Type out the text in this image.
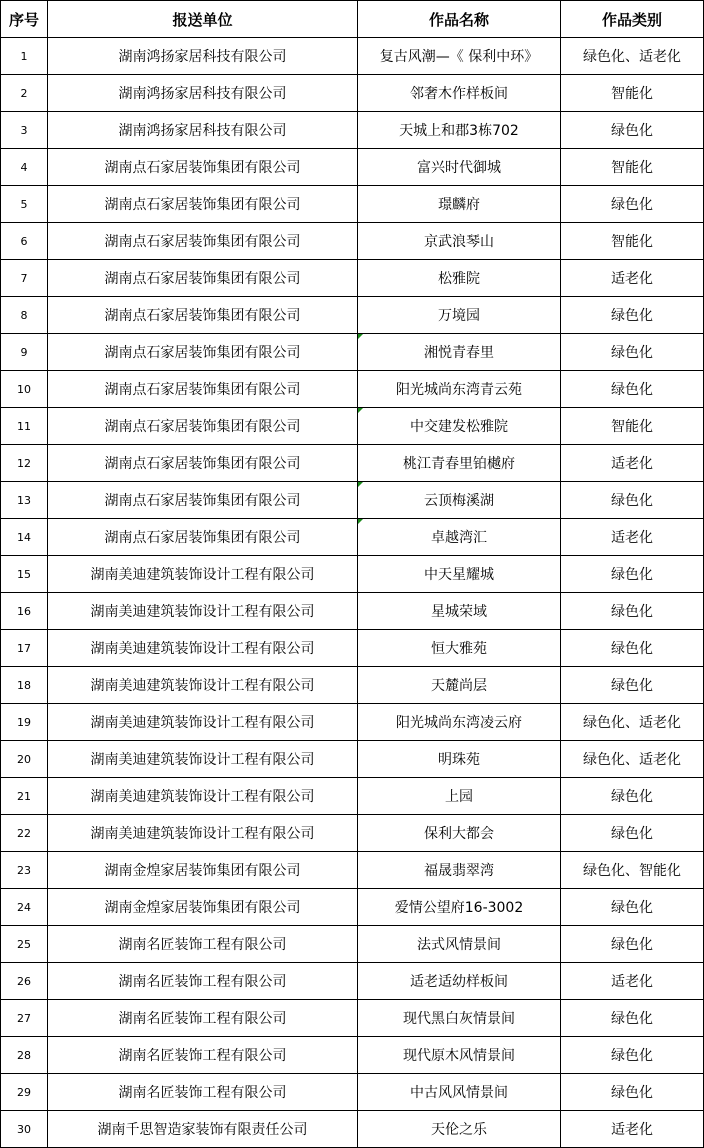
序号	报送单位	作品名称	作品类别
1	湖南鸿扬家居科技有限公司	复古风潮—《 保利中环》	绿色化、适老化
2	湖南鸿扬家居科技有限公司	邻奢木作样板间	智能化
3	湖南鸿扬家居科技有限公司	天城上和郡3栋702	绿色化
4	湖南点石家居装饰集团有限公司	富兴时代御城	智能化
5	湖南点石家居装饰集团有限公司	璟麟府	绿色化
6	湖南点石家居装饰集团有限公司	京武浪琴山	智能化
7	湖南点石家居装饰集团有限公司	松雅院	适老化
8	湖南点石家居装饰集团有限公司	万境园	绿色化
9	湖南点石家居装饰集团有限公司	湘悦青春里	绿色化
10	湖南点石家居装饰集团有限公司	阳光城尚东湾青云苑	绿色化
11	湖南点石家居装饰集团有限公司	中交建发松雅院	智能化
12	湖南点石家居装饰集团有限公司	桃江青春里铂樾府	适老化
13	湖南点石家居装饰集团有限公司	云顶梅溪湖	绿色化
14	湖南点石家居装饰集团有限公司	卓越湾汇	适老化
15	湖南美迪建筑装饰设计工程有限公司	中天星耀城	绿色化
16	湖南美迪建筑装饰设计工程有限公司	星城荣域	绿色化
17	湖南美迪建筑装饰设计工程有限公司	恒大雅苑	绿色化
18	湖南美迪建筑装饰设计工程有限公司	天麓尚层	绿色化
19	湖南美迪建筑装饰设计工程有限公司	阳光城尚东湾凌云府	绿色化、适老化
20	湖南美迪建筑装饰设计工程有限公司	明珠苑	绿色化、适老化
21	湖南美迪建筑装饰设计工程有限公司	上园	绿色化
22	湖南美迪建筑装饰设计工程有限公司	保利大都会	绿色化
23	湖南金煌家居装饰集团有限公司	福晟翡翠湾	绿色化、智能化
24	湖南金煌家居装饰集团有限公司	爱情公望府16-3002	绿色化
25	湖南名匠装饰工程有限公司	法式风情景间	绿色化
26	湖南名匠装饰工程有限公司	适老适幼样板间	适老化
27	湖南名匠装饰工程有限公司	现代黑白灰情景间	绿色化
28	湖南名匠装饰工程有限公司	现代原木风情景间	绿色化
29	湖南名匠装饰工程有限公司	中古风风情景间	绿色化
30	湖南千思智造家装饰有限责任公司	天伦之乐	适老化
